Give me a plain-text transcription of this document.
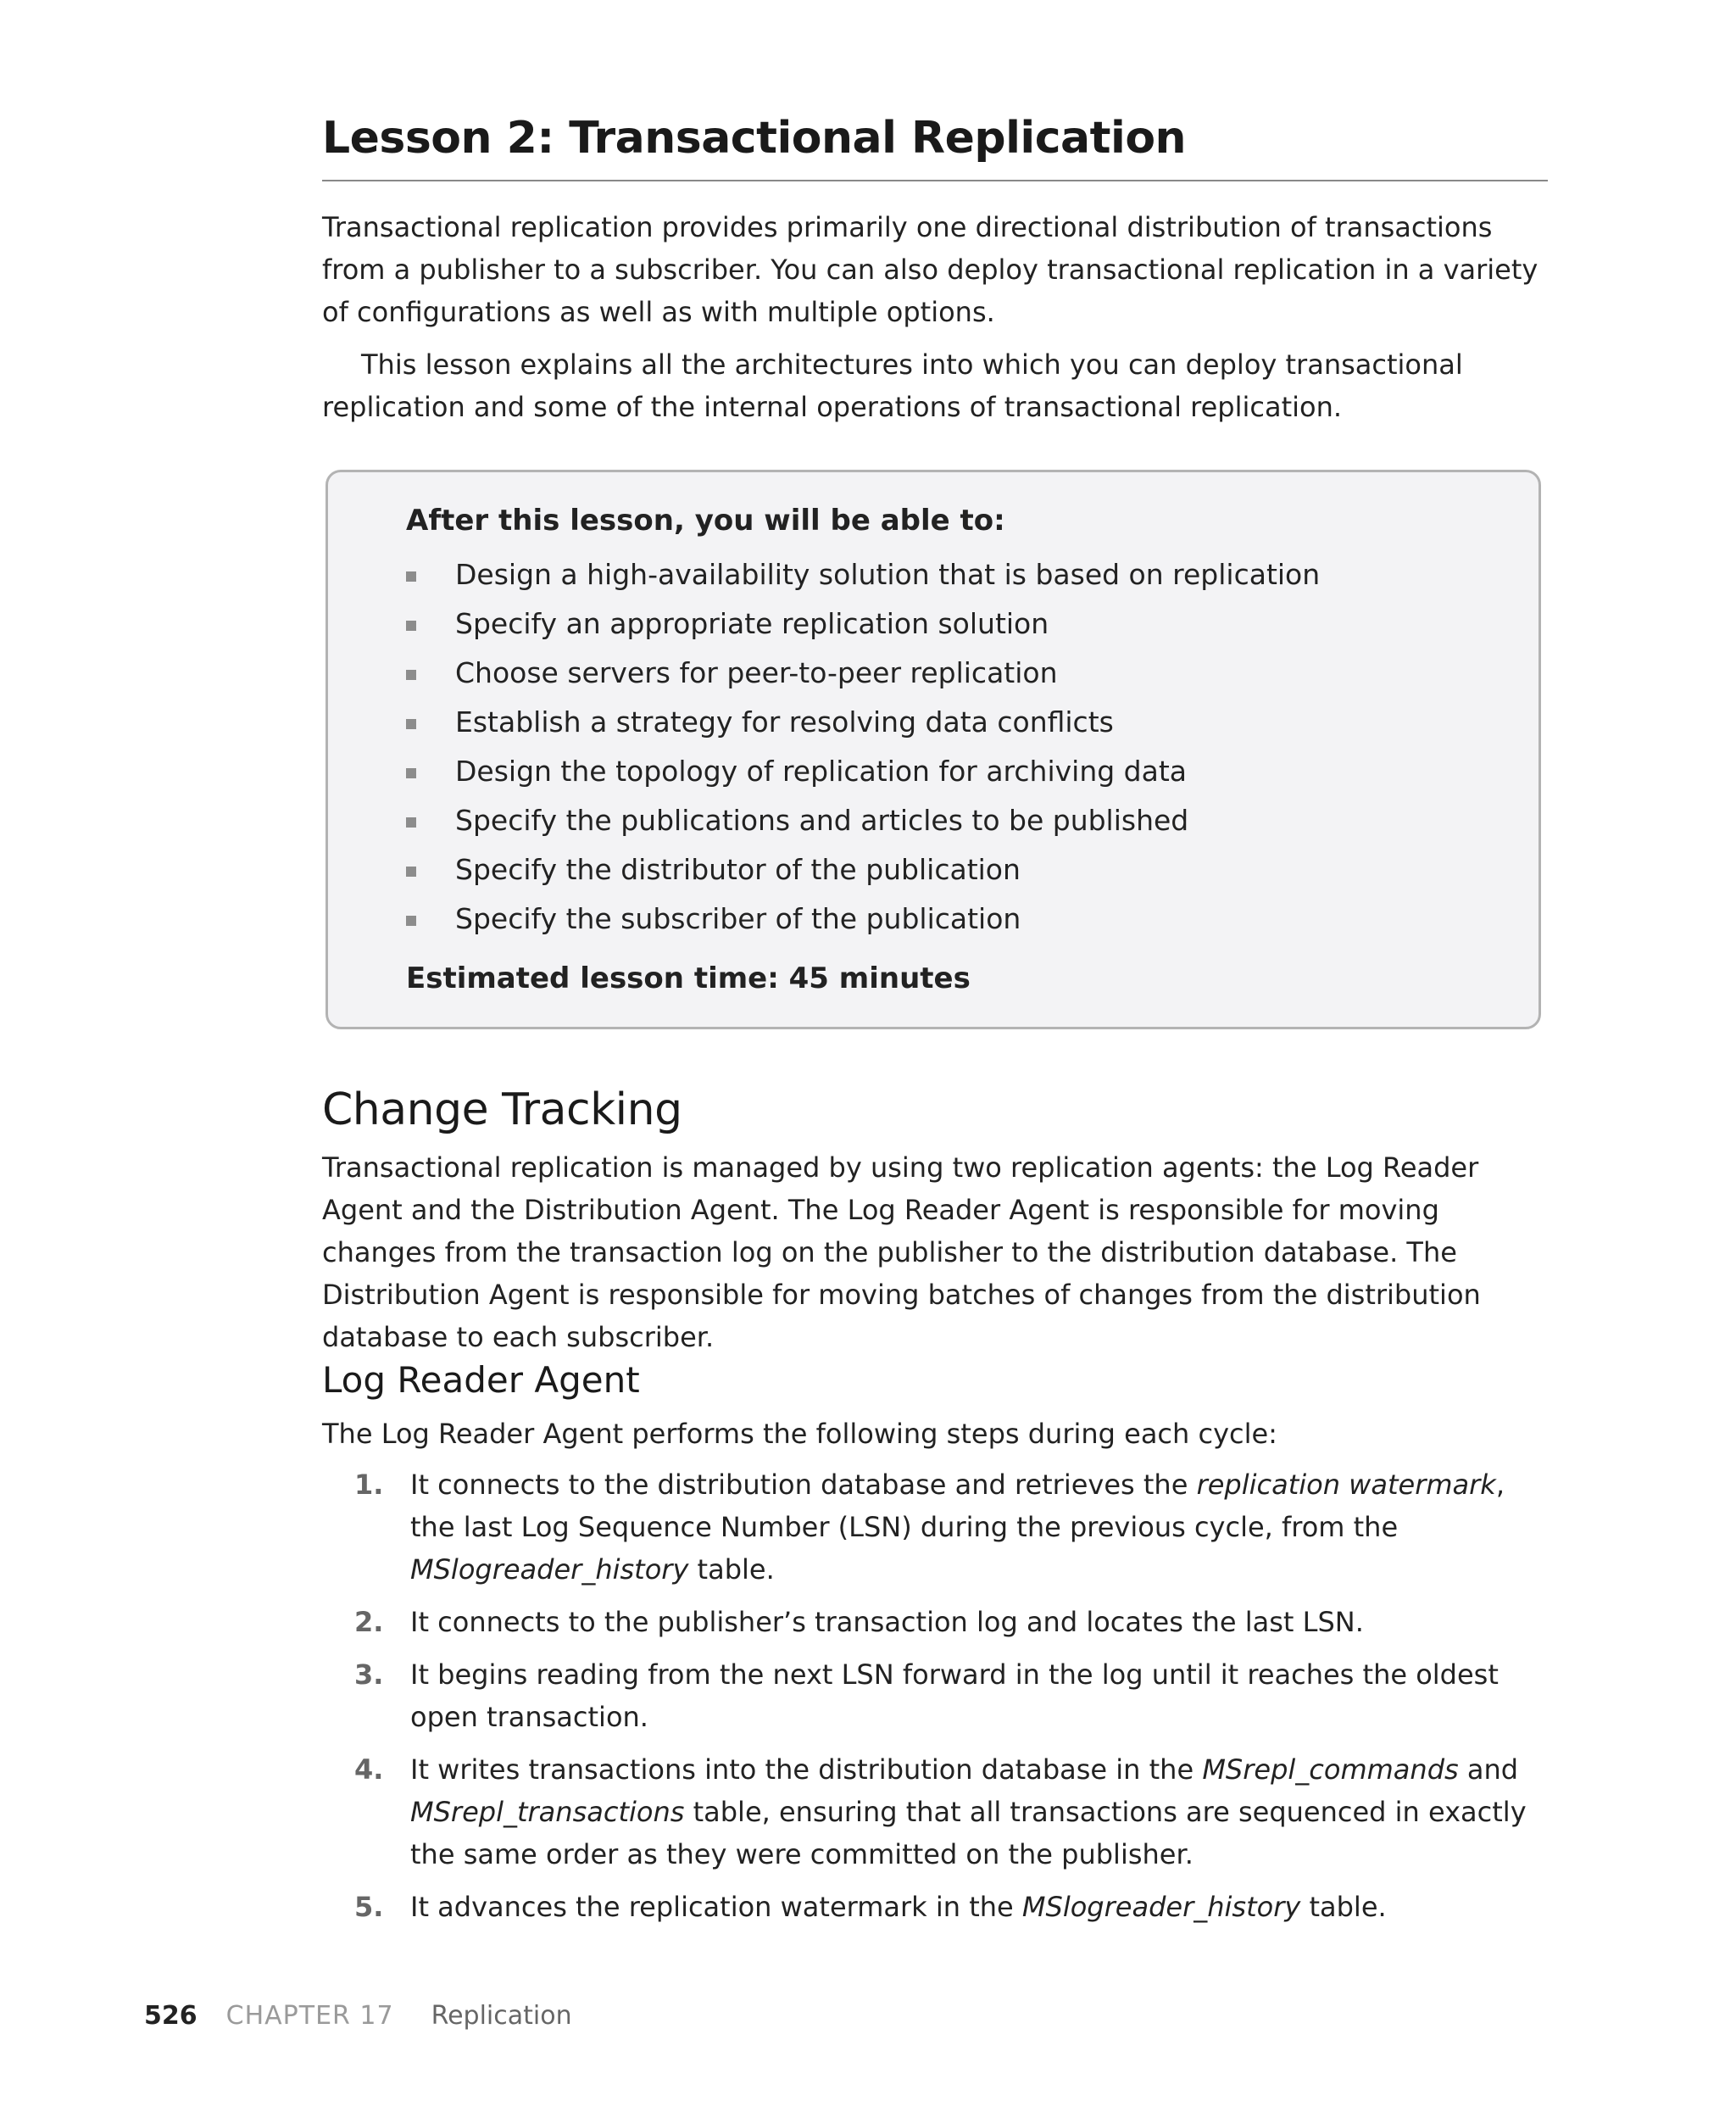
Lesson 2: Transactional Replication

Transactional replication provides primarily one directional distribution of transactions from a publisher to a subscriber. You can also deploy transactional replication in a variety of configurations as well as with multiple options.

This lesson explains all the architectures into which you can deploy transactional replication and some of the internal operations of transactional replication.

After this lesson, you will be able to:
Design a high-availability solution that is based on replication
Specify an appropriate replication solution
Choose servers for peer-to-peer replication
Establish a strategy for resolving data conflicts
Design the topology of replication for archiving data
Specify the publications and articles to be published
Specify the distributor of the publication
Specify the subscriber of the publication
Estimated lesson time: 45 minutes
Change Tracking

Transactional replication is managed by using two replication agents: the Log Reader Agent and the Distribution Agent. The Log Reader Agent is responsible for moving changes from the transaction log on the publisher to the distribution database. The Distribution Agent is responsible for moving batches of changes from the distribution database to each subscriber.

Log Reader Agent

The Log Reader Agent performs the following steps during each cycle:

1. It connects to the distribution database and retrieves the replication watermark, the last Log Sequence Number (LSN) during the previous cycle, from the MSlogreader_history table.
2. It connects to the publisher’s transaction log and locates the last LSN.
3. It begins reading from the next LSN forward in the log until it reaches the oldest open transaction.
4. It writes transactions into the distribution database in the MSrepl_commands and MSrepl_transactions table, ensuring that all transactions are sequenced in exactly the same order as they were committed on the publisher.
5. It advances the replication watermark in the MSlogreader_history table.
526 CHAPTER 17 Replication
